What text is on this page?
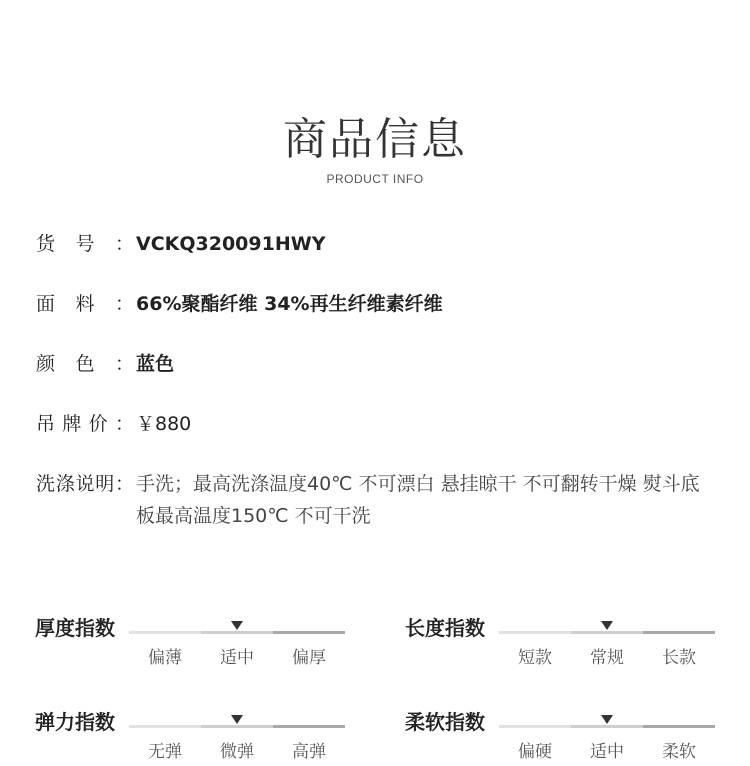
商品信息
PRODUCT INFO
货号： VCKQ320091HWY
面料： 66%聚酯纤维 34%再生纤维素纤维
颜色： 蓝色
吊牌价： ￥880
洗涤说明： 手洗；最高洗涤温度40℃ 不可漂白 悬挂晾干 不可翻转干燥 熨斗底板最高温度150℃ 不可干洗
厚度指数
偏薄	适中	偏厚
长度指数
短款	常规	长款
弹力指数
无弹	微弹	高弹
柔软指数
偏硬	适中	柔软
